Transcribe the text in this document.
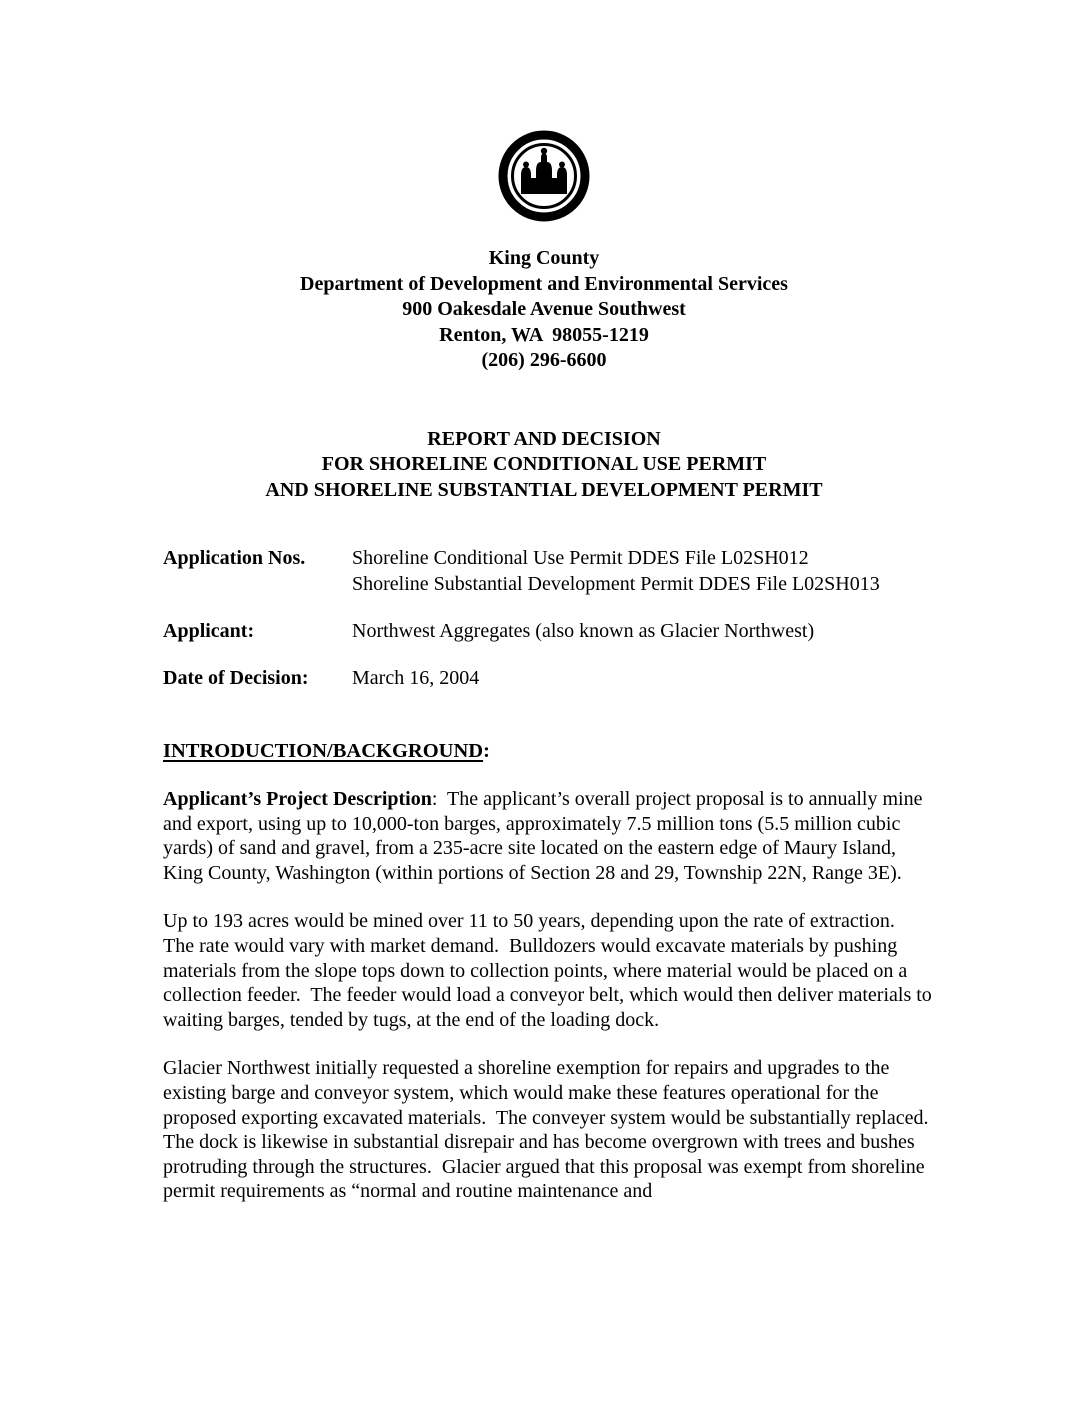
King County
Department of Development and Environmental Services
900 Oakesdale Avenue Southwest
Renton, WA  98055-1219
(206) 296-6600
REPORT AND DECISION
FOR SHORELINE CONDITIONAL USE PERMIT
AND SHORELINE SUBSTANTIAL DEVELOPMENT PERMIT
Application Nos.	Shoreline Conditional Use Permit DDES File L02SH012
Shoreline Substantial Development Permit DDES File L02SH013
Applicant:	Northwest Aggregates (also known as Glacier Northwest)
Date of Decision:	March 16, 2004
INTRODUCTION/BACKGROUND:

Applicant’s Project Description:  The applicant’s overall project proposal is to annually mine and export, using up to 10,000-ton barges, approximately 7.5 million tons (5.5 million cubic yards) of sand and gravel, from a 235-acre site located on the eastern edge of Maury Island, King County, Washington (within portions of Section 28 and 29, Township 22N, Range 3E).

Up to 193 acres would be mined over 11 to 50 years, depending upon the rate of extraction.  The rate would vary with market demand.  Bulldozers would excavate materials by pushing materials from the slope tops down to collection points, where material would be placed on a collection feeder.  The feeder would load a conveyor belt, which would then deliver materials to waiting barges, tended by tugs, at the end of the loading dock.

Glacier Northwest initially requested a shoreline exemption for repairs and upgrades to the existing barge and conveyor system, which would make these features operational for the proposed exporting excavated materials.  The conveyer system would be substantially replaced.  The dock is likewise in substantial disrepair and has become overgrown with trees and bushes protruding through the structures.  Glacier argued that this proposal was exempt from shoreline permit requirements as “normal and routine maintenance and
